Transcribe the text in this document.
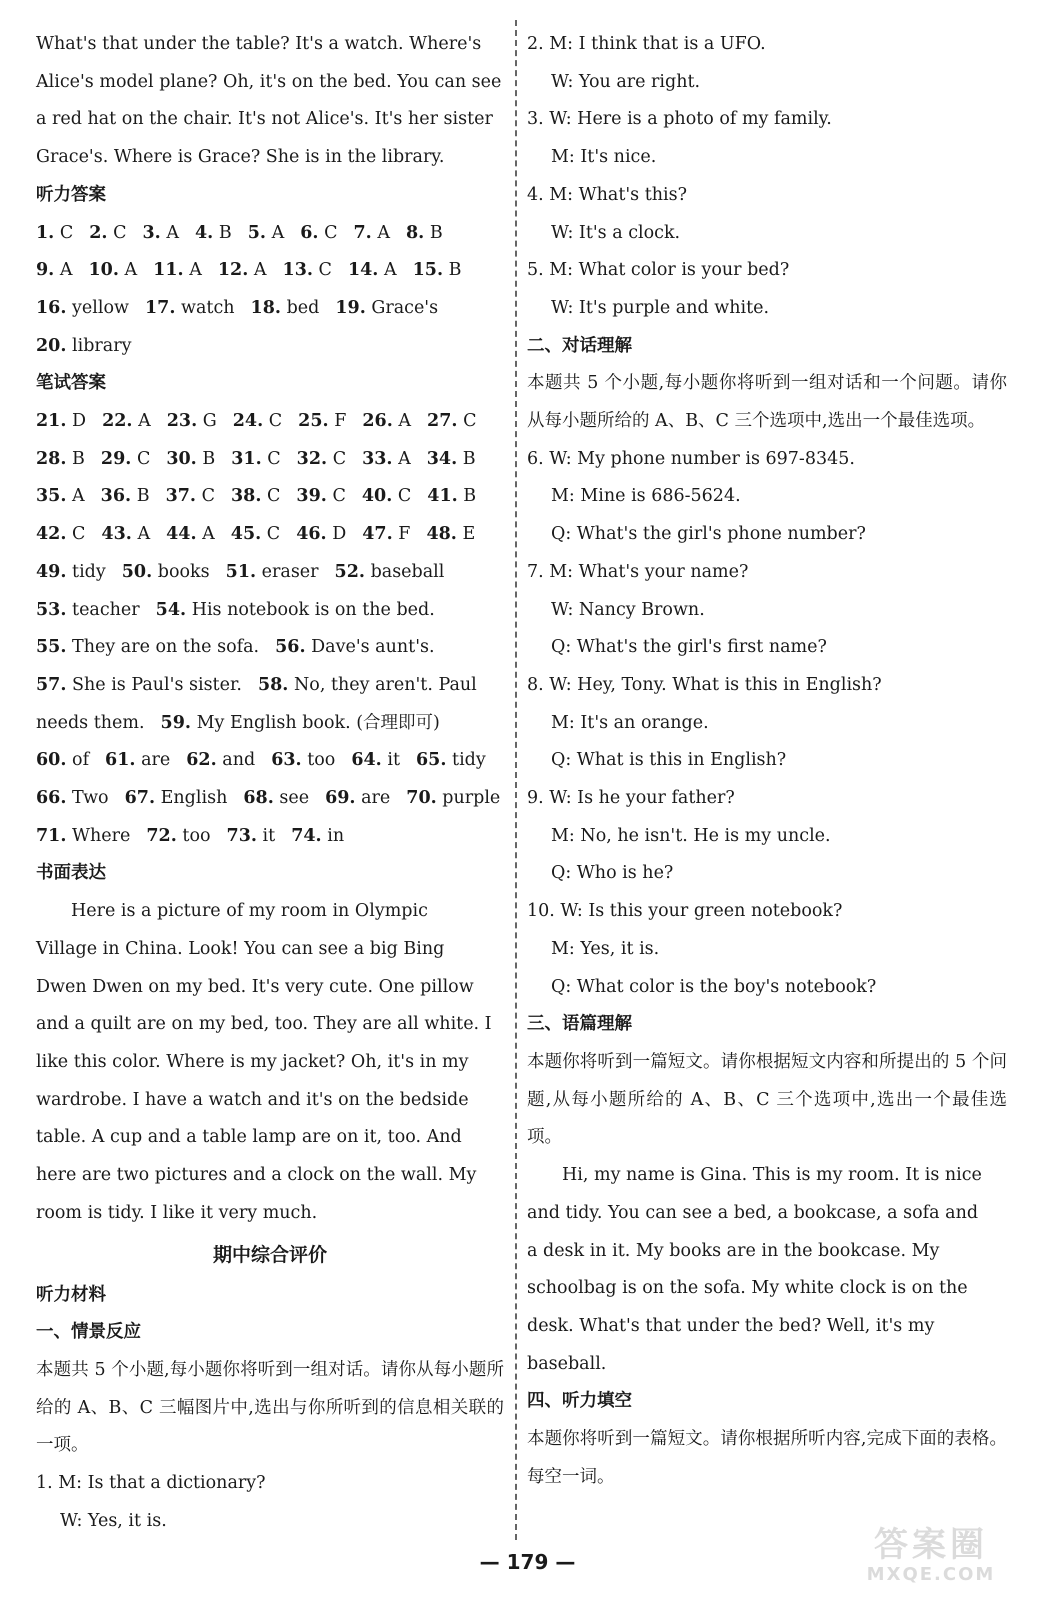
What's that under the table? It's a watch. Where's

Alice's model plane? Oh, it's on the bed. You can see

a red hat on the chair. It's not Alice's. It's her sister

Grace's. Where is Grace? She is in the library.

听力答案

1. C 2. C 3. A 4. B 5. A 6. C 7. A 8. B

9. A 10. A 11. A 12. A 13. C 14. A 15. B

16. yellow 17. watch 18. bed 19. Grace's

20. library

笔试答案

21. D 22. A 23. G 24. C 25. F 26. A 27. C

28. B 29. C 30. B 31. C 32. C 33. A 34. B

35. A 36. B 37. C 38. C 39. C 40. C 41. B

42. C 43. A 44. A 45. C 46. D 47. F 48. E

49. tidy 50. books 51. eraser 52. baseball

53. teacher 54. His notebook is on the bed.

55. They are on the sofa. 56. Dave's aunt's.

57. She is Paul's sister. 58. No, they aren't. Paul

needs them. 59. My English book. (合理即可)

60. of 61. are 62. and 63. too 64. it 65. tidy

66. Two 67. English 68. see 69. are 70. purple

71. Where 72. too 73. it 74. in

书面表达

Here is a picture of my room in Olympic

Village in China. Look! You can see a big Bing

Dwen Dwen on my bed. It's very cute. One pillow

and a quilt are on my bed, too. They are all white. I

like this color. Where is my jacket? Oh, it's in my

wardrobe. I have a watch and it's on the bedside

table. A cup and a table lamp are on it, too. And

here are two pictures and a clock on the wall. My

room is tidy. I like it very much.

期中综合评价

听力材料

一、情景反应

本题共 5 个小题,每小题你将听到一组对话。请你从每小题所给的 A、B、C 三幅图片中,选出与你所听到的信息相关联的一项。

1. M: Is that a dictionary?

W: Yes, it is.

2. M: I think that is a UFO.

W: You are right.

3. W: Here is a photo of my family.

M: It's nice.

4. M: What's this?

W: It's a clock.

5. M: What color is your bed?

W: It's purple and white.

二、对话理解

本题共 5 个小题,每小题你将听到一组对话和一个问题。请你从每小题所给的 A、B、C 三个选项中,选出一个最佳选项。

6. W: My phone number is 697-8345.

M: Mine is 686-5624.

Q: What's the girl's phone number?

7. M: What's your name?

W: Nancy Brown.

Q: What's the girl's first name?

8. W: Hey, Tony. What is this in English?

M: It's an orange.

Q: What is this in English?

9. W: Is he your father?

M: No, he isn't. He is my uncle.

Q: Who is he?

10. W: Is this your green notebook?

M: Yes, it is.

Q: What color is the boy's notebook?

三、语篇理解

本题你将听到一篇短文。请你根据短文内容和所提出的 5 个问题,从每小题所给的 A、B、C 三个选项中,选出一个最佳选项。

Hi, my name is Gina. This is my room. It is nice

and tidy. You can see a bed, a bookcase, a sofa and

a desk in it. My books are in the bookcase. My

schoolbag is on the sofa. My white clock is on the

desk. What's that under the bed? Well, it's my

baseball.

四、听力填空

本题你将听到一篇短文。请你根据所听内容,完成下面的表格。每空一词。

— 179 —	答案圈
MXQE.COM
